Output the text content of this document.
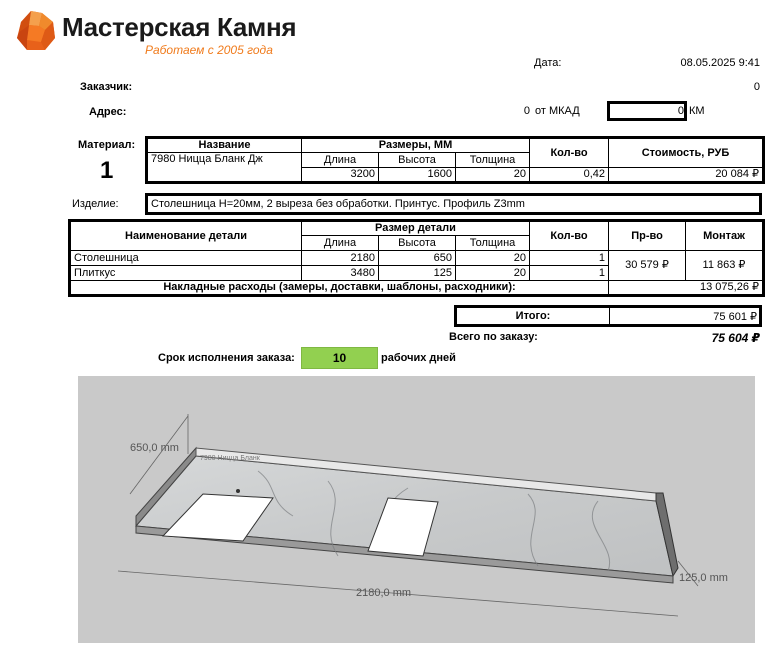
Мастерская Камня
Работаем с 2005 года
Дата:	08.05.2025 9:41
Заказчик:	0
Адрес:	0 от МКАД	0 КМ
Материал:
1
Название	Размеры, ММ			Кол-во	Стоимость, РУБ
7980 Ницца Бланк Дж	Длина	Высота	Толщина		
	3200	1600	20	0,42	20 084 ₽
Изделие:	Столешница Н=20мм, 2 выреза без обработки. Принтус. Профиль Z3mm
Наименование детали	Размер детали			Кол-во	Пр-во	Монтаж
	Длина	Высота	Толщина			
Столешница	2180	650	20	1	30 579 ₽	11 863 ₽
Плиткус	3480	125	20	1		
Накладные расходы (замеры, доставки, шаблоны, расходники):					13 075,26 ₽	
Итого:	75 601 ₽
Всего по заказу:	75 604 ₽
Срок исполнения заказа:	10	рабочих дней
7980 Ницца Бланк
650,0 mm
2180,0 mm
125,0 mm
